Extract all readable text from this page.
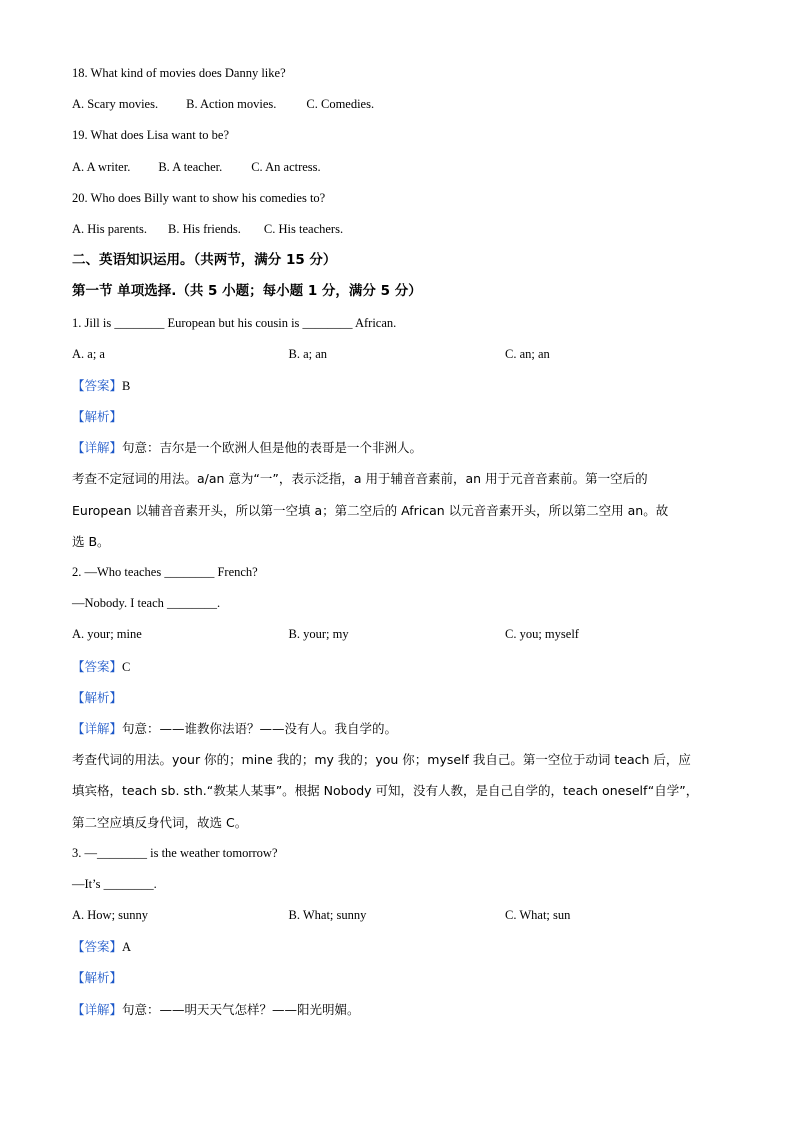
18. What kind of movies does Danny like?
A. Scary movies. B. Action movies. C. Comedies.
19. What does Lisa want to be?
A. A writer. B. A teacher. C. An actress.
20. Who does Billy want to show his comedies to?
A. His parents. B. His friends. C. His teachers.
二、英语知识运用。（共两节，满分 15 分）
第一节 单项选择.（共 5 小题；每小题 1 分，满分 5 分）
1. Jill is ________ European but his cousin is ________ African.
A. a; a	B. a; an	C. an; an
【答案】B
【解析】
【详解】句意：吉尔是一个欧洲人但是他的表哥是一个非洲人。
考查不定冠词的用法。a/an 意为“一”，表示泛指，a 用于辅音音素前，an 用于元音音素前。第一空后的
European 以辅音音素开头，所以第一空填 a；第二空后的 African 以元音音素开头，所以第二空用 an。故
选 B。
2. —Who teaches ________ French?
—Nobody. I teach ________.
A. your; mine	B. your; my	C. you; myself
【答案】C
【解析】
【详解】句意：——谁教你法语？——没有人。我自学的。
考查代词的用法。your 你的；mine 我的；my 我的；you 你；myself 我自己。第一空位于动词 teach 后，应
填宾格，teach sb. sth.“教某人某事”。根据 Nobody 可知，没有人教，是自己自学的，teach oneself“自学”，
第二空应填反身代词，故选 C。
3. —________ is the weather tomorrow?
—It’s ________.
A. How; sunny	B. What; sunny	C. What; sun
【答案】A
【解析】
【详解】句意：——明天天气怎样？——阳光明媚。
